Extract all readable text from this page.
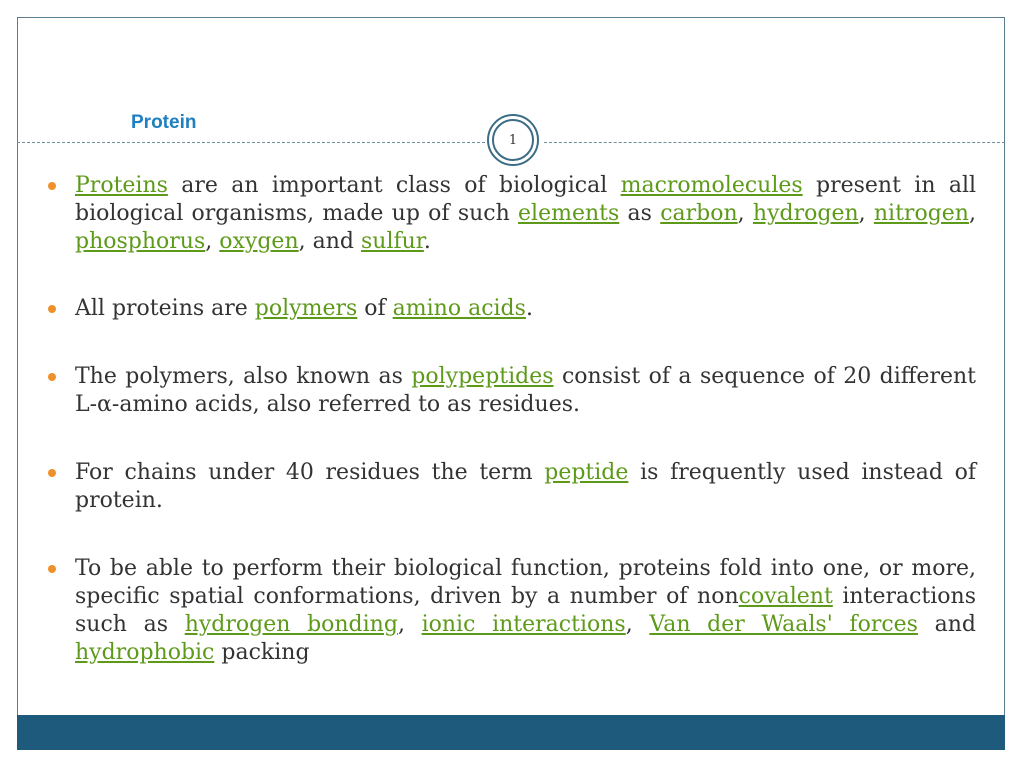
Protein
1
Proteins are an important class of biological macromolecules present in all biological organisms, made up of such elements as carbon, hydrogen, nitrogen, phosphorus, oxygen, and sulfur.
All proteins are polymers of amino acids.
The polymers, also known as polypeptides consist of a sequence of 20 different L-α-amino acids, also referred to as residues.
For chains under 40 residues the term peptide is frequently used instead of protein.
To be able to perform their biological function, proteins fold into one, or more, specific spatial conformations, driven by a number of noncovalent interactions such as hydrogen bonding, ionic interactions, Van der Waals' forces and hydrophobic packing
